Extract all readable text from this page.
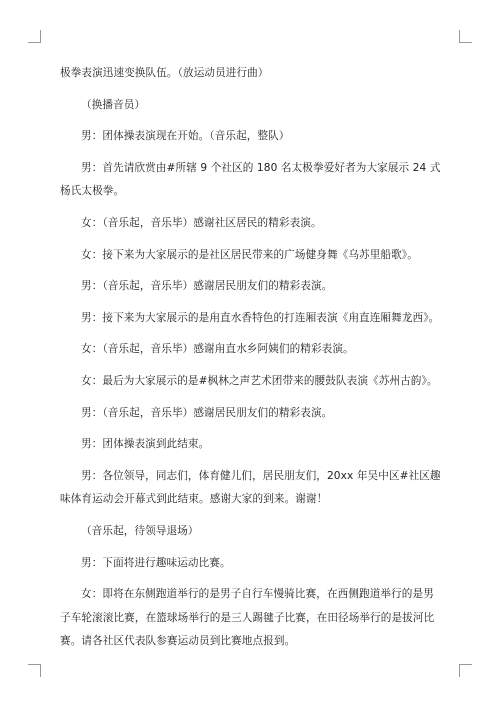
极拳表演迅速变换队伍。（放运动员进行曲）

（换播音员）

男：团体操表演现在开始。（音乐起，整队）

男：首先请欣赏由#所辖 9 个社区的 180 名太极拳爱好者为大家展示 24 式杨氏太极拳。

女：（音乐起，音乐毕）感谢社区居民的精彩表演。

女：接下来为大家展示的是社区居民带来的广场健身舞《乌苏里船歌》。

男：（音乐起，音乐毕）感谢居民朋友们的精彩表演。

男：接下来为大家展示的是甪直水香特色的打连厢表演《甪直连厢舞龙西》。

女：（音乐起，音乐毕）感谢甪直水乡阿姨们的精彩表演。

女：最后为大家展示的是#枫林之声艺术团带来的腰鼓队表演《苏州古韵》。

男：（音乐起，音乐毕）感谢居民朋友们的精彩表演。

男：团体操表演到此结束。

男：各位领导，同志们，体育健儿们，居民朋友们，20xx 年吴中区#社区趣味体育运动会开幕式到此结束。感谢大家的到来。谢谢！

（音乐起，待领导退场）

男：下面将进行趣味运动比赛。

女：即将在东侧跑道举行的是男子自行车慢骑比赛，在西侧跑道举行的是男子车轮滚滚比赛，在篮球场举行的是三人踢毽子比赛，在田径场举行的是拔河比赛。请各社区代表队参赛运动员到比赛地点报到。
